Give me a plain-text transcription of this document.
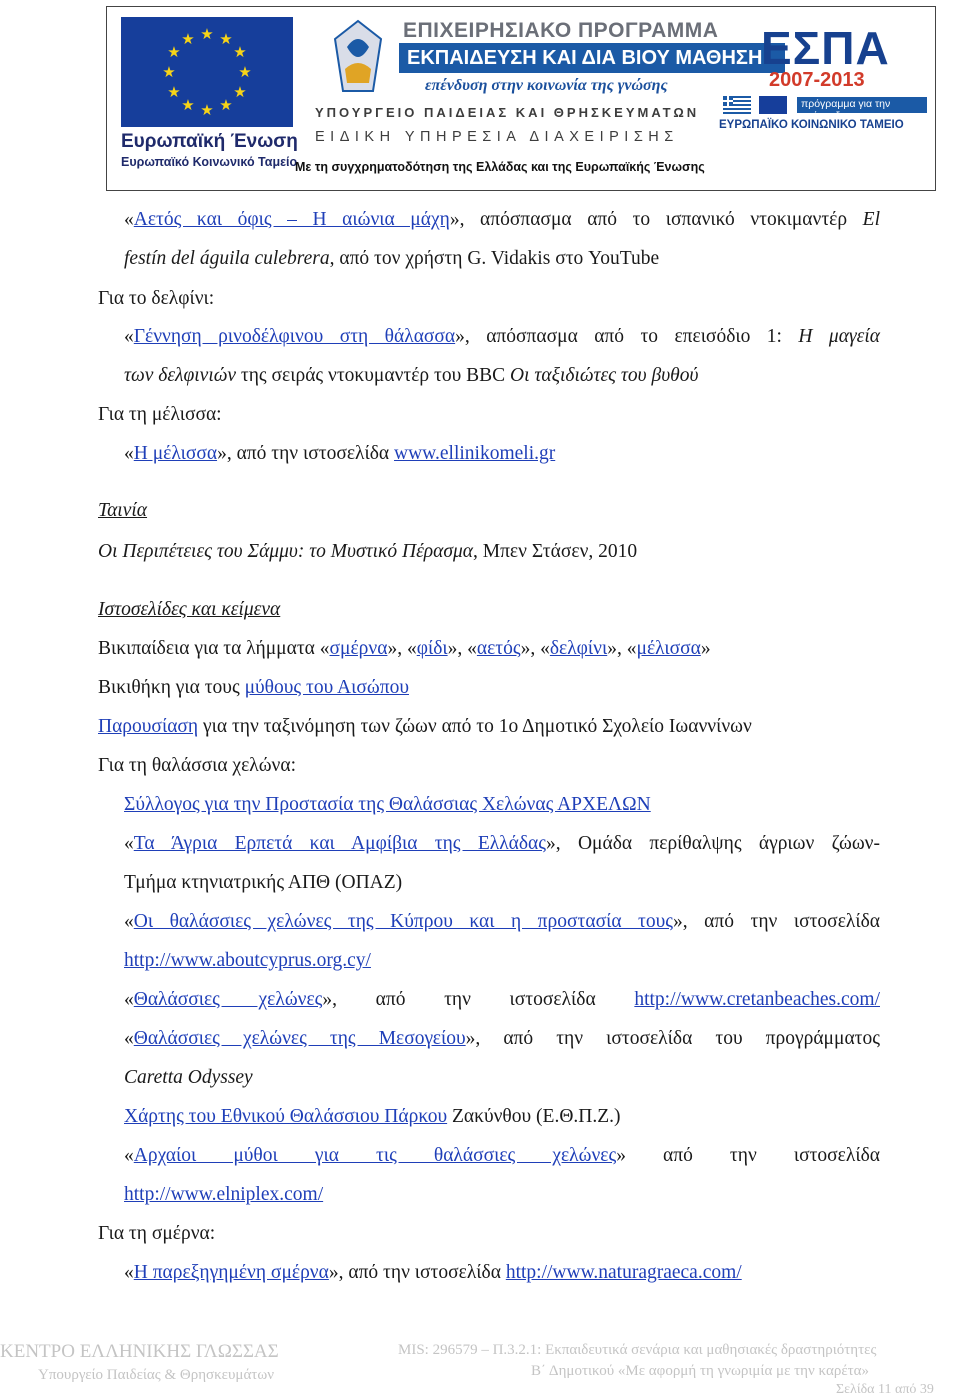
★ ★
★
★
★
★
★
★
★
★
★
★
Ευρωπαϊκή Ένωση
Ευρωπαϊκό Κοινωνικό Ταμείο
ΕΠΙΧΕΙΡΗΣΙΑΚΟ ΠΡΟΓΡΑΜΜΑ
ΕΚΠΑΙΔΕΥΣΗ ΚΑΙ ΔΙΑ ΒΙΟΥ ΜΑΘΗΣΗ
επένδυση στην κοινωνία της γνώσης
ΥΠΟΥΡΓΕΙΟ ΠΑΙΔΕΙΑΣ ΚΑΙ ΘΡΗΣΚΕΥΜΑΤΩΝ
ΕΙΔΙΚΗ ΥΠΗΡΕΣΙΑ ΔΙΑΧΕΙΡΙΣΗΣ
Με τη συγχρηματοδότηση της Ελλάδας και της Ευρωπαϊκής Ένωσης
ΕΣΠΑ
2007-2013
πρόγραμμα για την ανάπτυξη
ΕΥΡΩΠΑΪΚΟ ΚΟΙΝΩΝΙΚΟ ΤΑΜΕΙΟ
«Αετός και όφις – Η αιώνια μάχη», απόσπασμα από το ισπανικό ντοκιμαντέρ El
festín del águila culebrera, από τον χρήστη G. Vidakis στο YouTube
Για το δελφίνι:
«Γέννηση ρινοδέλφινου στη θάλασσα», απόσπασμα από το επεισόδιο 1: Η μαγεία
των δελφινιών της σειράς ντοκυμαντέρ του BBC Οι ταξιδιώτες του βυθού
Για τη μέλισσα:
«Η μέλισσα», από την ιστοσελίδα www.ellinikomeli.gr
Ταινία
Οι Περιπέτειες του Σάμμυ: το Μυστικό Πέρασμα, Μπεν Στάσεν, 2010
Ιστοσελίδες και κείμενα
Βικιπαίδεια για τα λήμματα «σμέρνα», «φίδι», «αετός», «δελφίνι», «μέλισσα»
Βικιθήκη για τους μύθους του Αισώπου
Παρουσίαση για την ταξινόμηση των ζώων από το 1ο Δημοτικό Σχολείο Ιωαννίνων
Για τη θαλάσσια χελώνα:
Σύλλογος για την Προστασία της Θαλάσσιας Χελώνας ΑΡΧΕΛΩΝ
«Τα Άγρια Ερπετά και Αμφίβια της Ελλάδας», Ομάδα περίθαλψης άγριων ζώων-
Τμήμα κτηνιατρικής ΑΠΘ (ΟΠΑΖ)
«Οι θαλάσσιες χελώνες της Κύπρου και η προστασία τους», από την ιστοσελίδα
http://www.aboutcyprus.org.cy/
«Θαλάσσιες χελώνες», από την ιστοσελίδα http://www.cretanbeaches.com/
«Θαλάσσιες χελώνες της Μεσογείου», από την ιστοσελίδα του προγράμματος
Caretta Odyssey
Χάρτης του Εθνικού Θαλάσσιου Πάρκου Ζακύνθου (Ε.Θ.Π.Ζ.)
«Αρχαίοι μύθοι για τις θαλάσσιες χελώνες» από την ιστοσελίδα
http://www.elniplex.com/
Για τη σμέρνα:
«Η παρεξηγημένη σμέρνα», από την ιστοσελίδα http://www.naturagraeca.com/
ΚΕΝΤΡΟ ΕΛΛΗΝΙΚΗΣ ΓΛΩΣΣΑΣ
Υπουργείο Παιδείας & Θρησκευμάτων
MIS: 296579 – Π.3.2.1: Εκπαιδευτικά σενάρια και μαθησιακές δραστηριότητες
Β΄ Δημοτικού «Με αφορμή τη γνωριμία με την καρέτα»
Σελίδα 11 από 39
